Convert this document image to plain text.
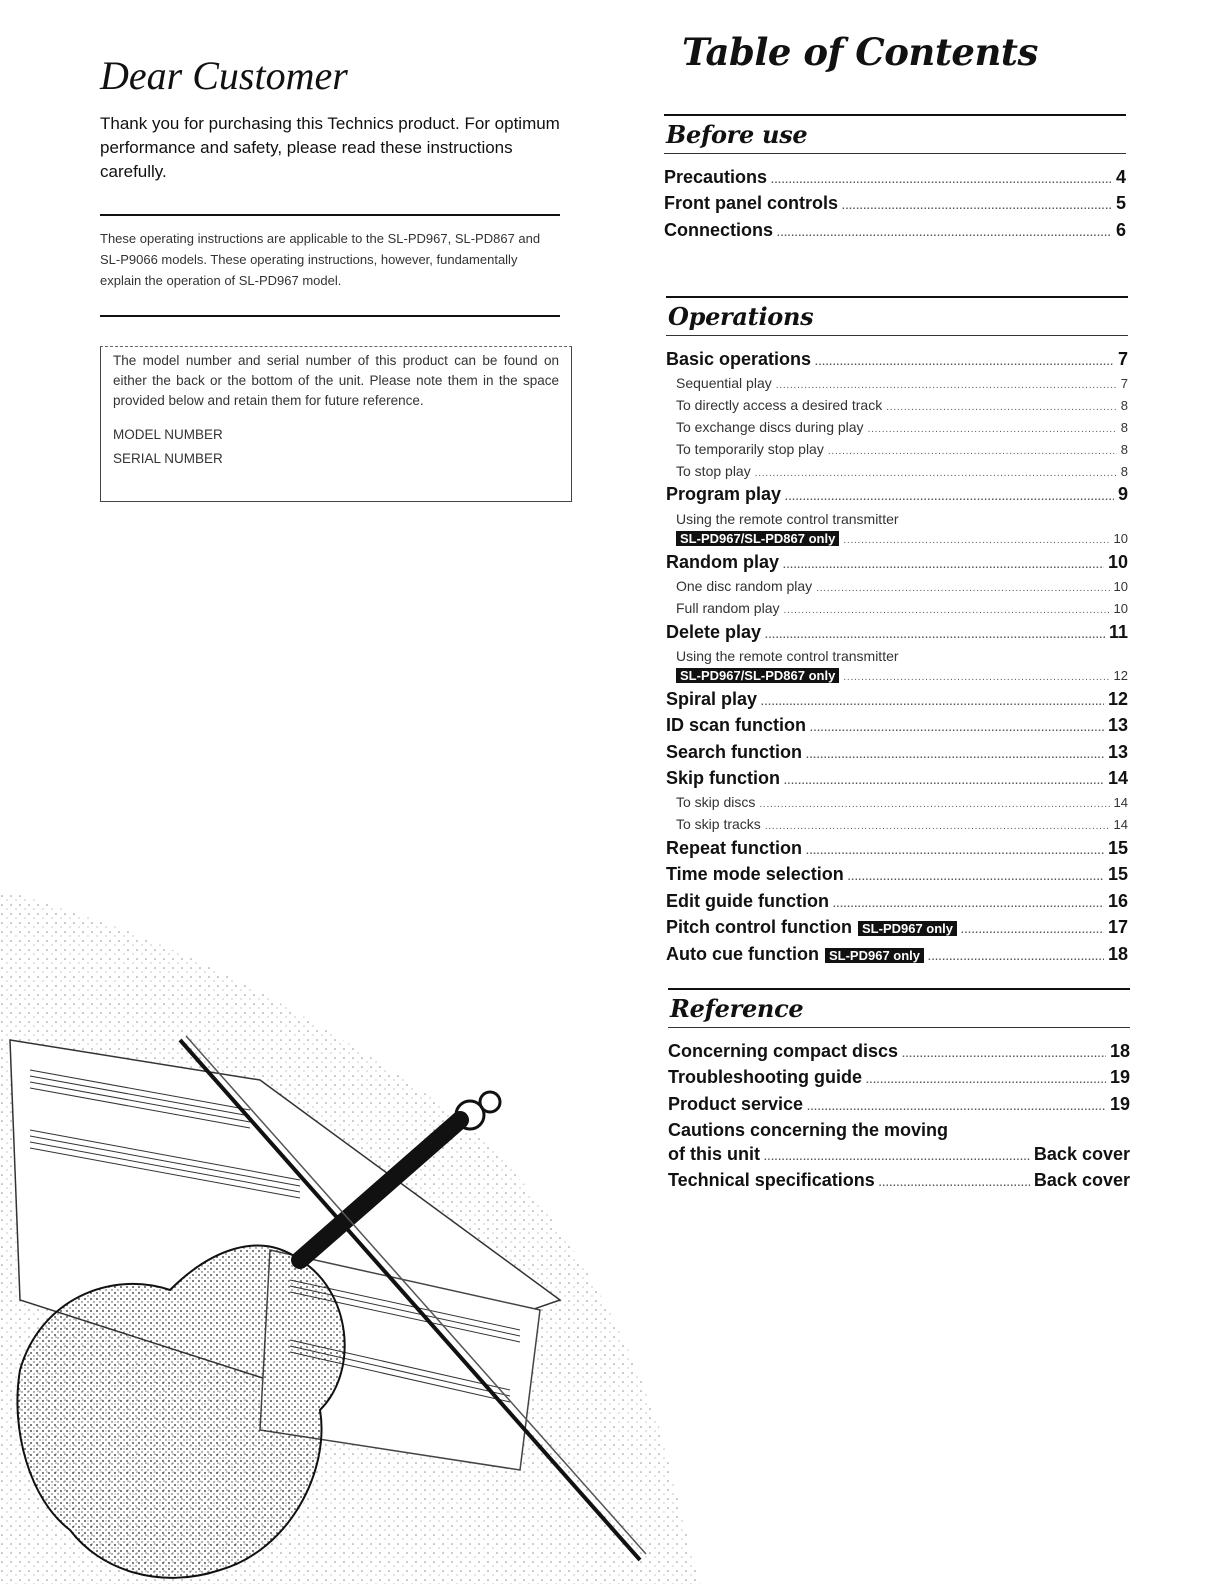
Dear Customer

Thank you for purchasing this Technics product. For optimum performance and safety, please read these instructions carefully.

These operating instructions are applicable to the SL-PD967, SL-PD867 and SL-P9066 models. These operating instructions, however, fundamentally explain the operation of SL-PD967 model.

The model number and serial number of this product can be found on either the back or the bottom of the unit. Please note them in the space provided below and retain them for future reference.

MODEL NUMBER
SERIAL NUMBER
Table of Contents
Before use
Precautions . . .	4
Front panel controls . . .	5
Connections . . .	6
Operations
Basic operations . . .	7
Sequential play . . .	7
To directly access a desired track . . .	8
To exchange discs during play . . .	8
To temporarily stop play . . .	8
To stop play . . .	8
Program play . . .	9
Using the remote control transmitter
SL-PD967/SL-PD867 only . . .	10
Random play . . .	10
One disc random play . . .	10
Full random play . . .	10
Delete play . . .	11
Using the remote control transmitter
SL-PD967/SL-PD867 only . . .	12
Spiral play . . .	12
ID scan function . . .	13
Search function . . .	13
Skip function . . .	14
To skip discs . . .	14
To skip tracks . . .	14
Repeat function . . .	15
Time mode selection . . .	15
Edit guide function . . .	16
Pitch control function SL-PD967 only . . .	17
Auto cue function SL-PD967 only . . .	18
Reference
Concerning compact discs . . .	18
Troubleshooting guide . . .	19
Product service . . .	19
Cautions concerning the moving
of this unit . . .	Back cover
Technical specifications . . .	Back cover
